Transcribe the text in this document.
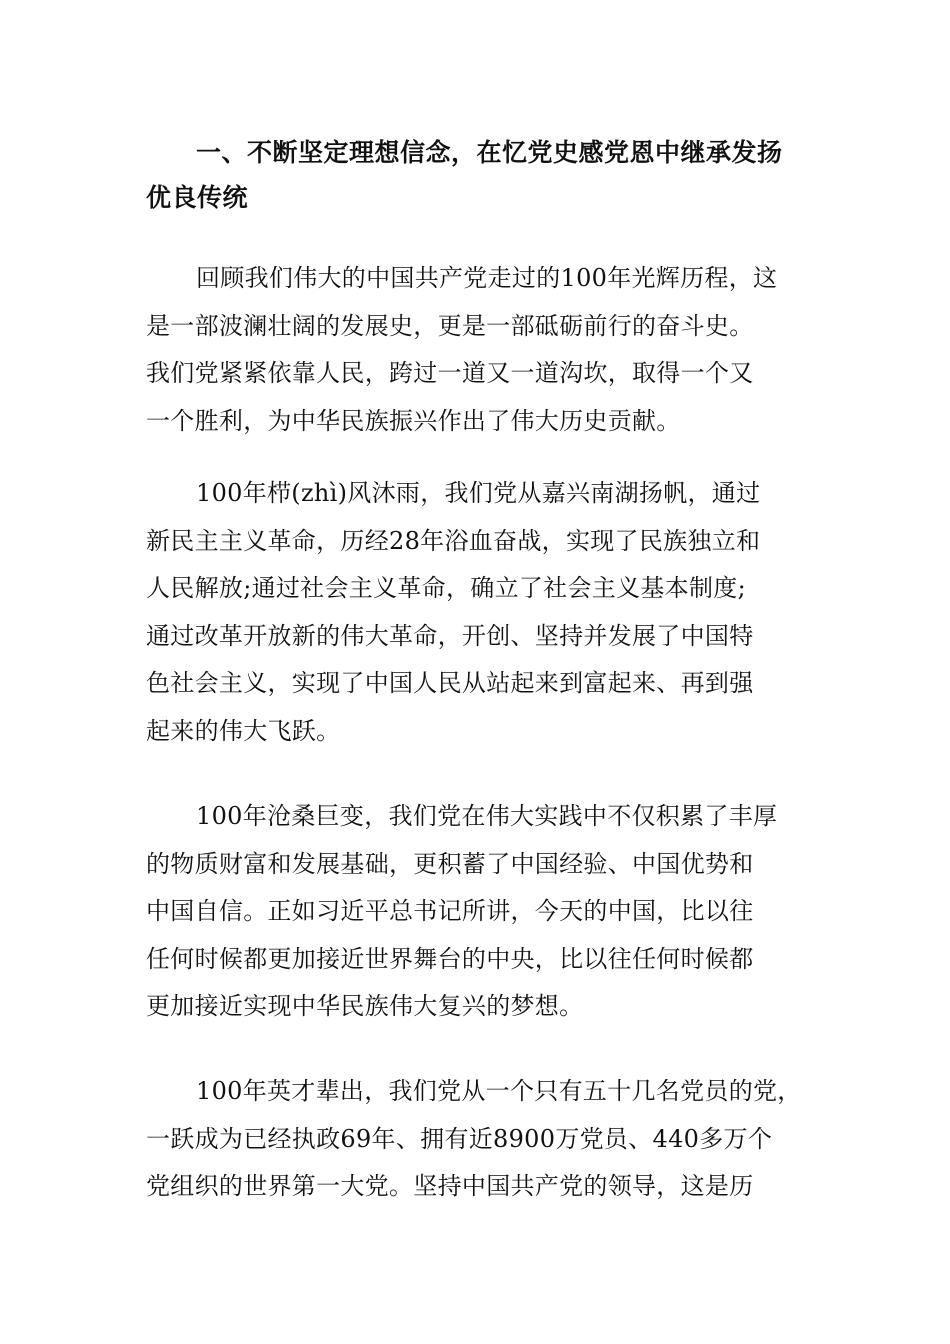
一、不断坚定理想信念，在忆党史感党恩中继承发扬
优良传统
回顾我们伟大的中国共产党走过的100年光辉历程，这
是一部波澜壮阔的发展史，更是一部砥砺前行的奋斗史。
我们党紧紧依靠人民，跨过一道又一道沟坎，取得一个又
一个胜利，为中华民族振兴作出了伟大历史贡献。
100年栉(zhì)风沐雨，我们党从嘉兴南湖扬帆，通过
新民主主义革命，历经28年浴血奋战，实现了民族独立和
人民解放;通过社会主义革命，确立了社会主义基本制度;
通过改革开放新的伟大革命，开创、坚持并发展了中国特
色社会主义，实现了中国人民从站起来到富起来、再到强
起来的伟大飞跃。
100年沧桑巨变，我们党在伟大实践中不仅积累了丰厚
的物质财富和发展基础，更积蓄了中国经验、中国优势和
中国自信。正如习近平总书记所讲，今天的中国，比以往
任何时候都更加接近世界舞台的中央，比以往任何时候都
更加接近实现中华民族伟大复兴的梦想。
100年英才辈出，我们党从一个只有五十几名党员的党，
一跃成为已经执政69年、拥有近8900万党员、440多万个
党组织的世界第一大党。坚持中国共产党的领导，这是历
